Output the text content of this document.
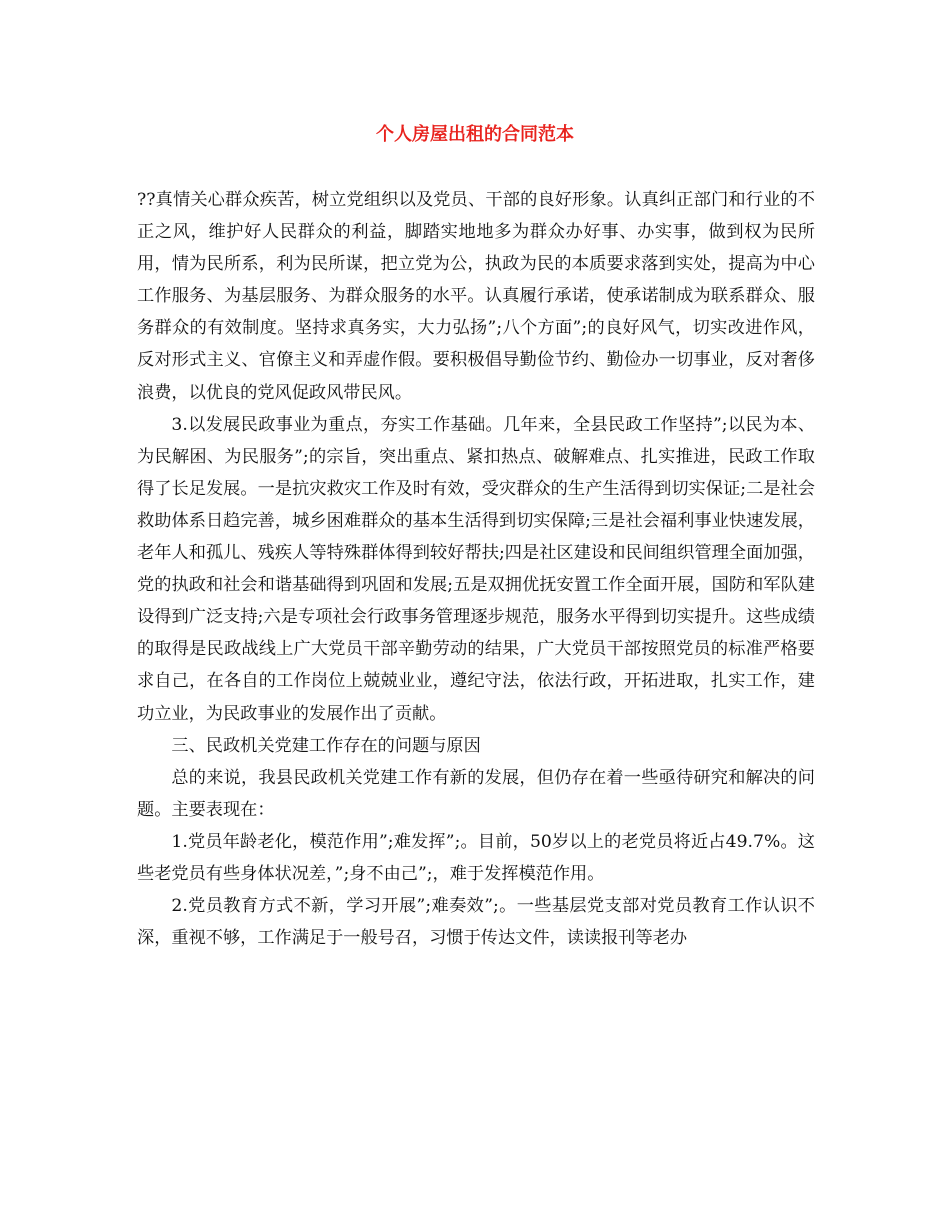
个人房屋出租的合同范本

??真情关心群众疾苦，树立党组织以及党员、干部的良好形象。认真纠正部门和行业的不正之风，维护好人民群众的利益，脚踏实地地多为群众办好事、办实事，做到权为民所用，情为民所系，利为民所谋，把立党为公，执政为民的本质要求落到实处，提高为中心工作服务、为基层服务、为群众服务的水平。认真履行承诺，使承诺制成为联系群众、服务群众的有效制度。坚持求真务实，大力弘扬”;八个方面”;的良好风气，切实改进作风，反对形式主义、官僚主义和弄虚作假。要积极倡导勤俭节约、勤俭办一切事业，反对奢侈浪费，以优良的党风促政风带民风。

3.以发展民政事业为重点，夯实工作基础。几年来，全县民政工作坚持”;以民为本、为民解困、为民服务”;的宗旨，突出重点、紧扣热点、破解难点、扎实推进，民政工作取得了长足发展。一是抗灾救灾工作及时有效，受灾群众的生产生活得到切实保证;二是社会救助体系日趋完善，城乡困难群众的基本生活得到切实保障;三是社会福利事业快速发展，老年人和孤儿、残疾人等特殊群体得到较好帮扶;四是社区建设和民间组织管理全面加强，党的执政和社会和谐基础得到巩固和发展;五是双拥优抚安置工作全面开展，国防和军队建设得到广泛支持;六是专项社会行政事务管理逐步规范，服务水平得到切实提升。这些成绩的取得是民政战线上广大党员干部辛勤劳动的结果，广大党员干部按照党员的标准严格要求自己，在各自的工作岗位上兢兢业业，遵纪守法，依法行政，开拓进取，扎实工作，建功立业，为民政事业的发展作出了贡献。

三、民政机关党建工作存在的问题与原因

总的来说，我县民政机关党建工作有新的发展，但仍存在着一些亟待研究和解决的问题。主要表现在：

1.党员年龄老化，模范作用”;难发挥”;。目前，50岁以上的老党员将近占49.7%。这些老党员有些身体状况差，”;身不由己”;，难于发挥模范作用。

2.党员教育方式不新，学习开展”;难奏效”;。一些基层党支部对党员教育工作认识不深，重视不够，工作满足于一般号召，习惯于传达文件，读读报刊等老办
